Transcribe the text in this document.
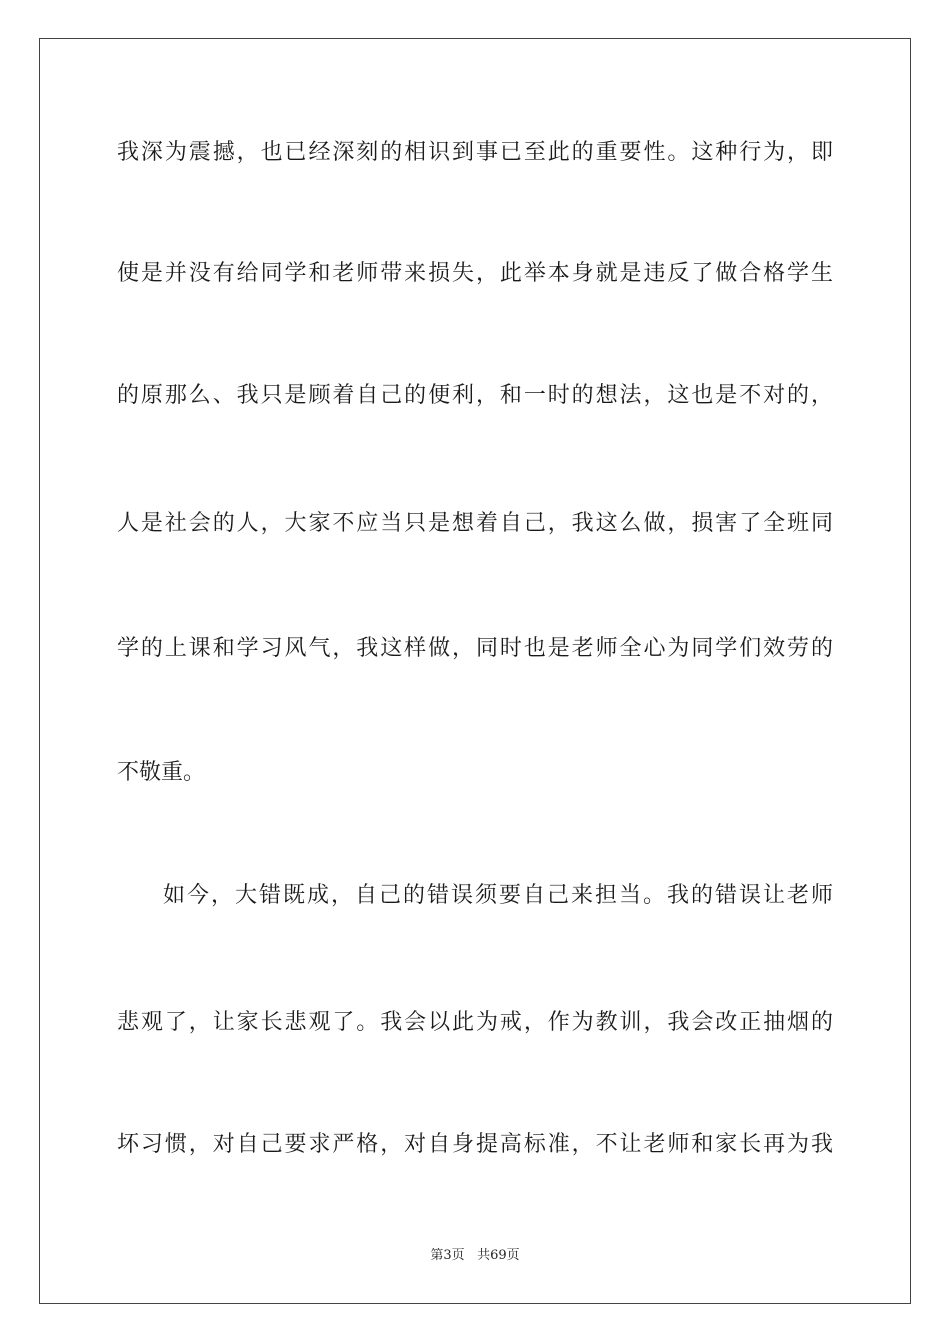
我深为震撼，也已经深刻的相识到事已至此的重要性。这种行为，即
使是并没有给同学和老师带来损失，此举本身就是违反了做合格学生
的原那么、我只是顾着自己的便利，和一时的想法，这也是不对的，
人是社会的人，大家不应当只是想着自己，我这么做，损害了全班同
学的上课和学习风气，我这样做，同时也是老师全心为同学们效劳的
不敬重。
如今，大错既成，自己的错误须要自己来担当。我的错误让老师
悲观了，让家长悲观了。我会以此为戒，作为教训，我会改正抽烟的
坏习惯，对自己要求严格，对自身提高标准，不让老师和家长再为我
第3页 共69页
